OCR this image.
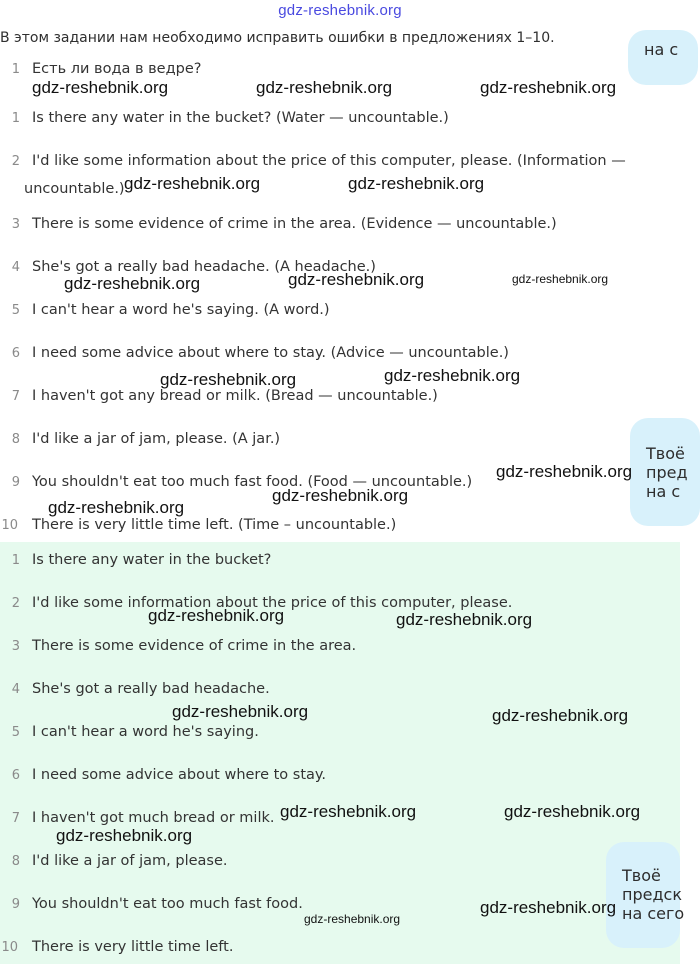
gdz-reshebnik.org
В этом задании нам необходимо исправить ошибки в предложениях 1–10.
на с
Твоё
пред
на с
1 Есть ли вода в ведре?
1 Is there any water in the bucket? (Water — uncountable.)
2 I'd like some information about the price of this computer, please. (Information —
uncountable.)
3 There is some evidence of crime in the area. (Evidence — uncountable.)
4 She's got a really bad headache. (A headache.)
5 I can't hear a word he's saying. (A word.)
6 I need some advice about where to stay. (Advice — uncountable.)
7 I haven't got any bread or milk. (Bread — uncountable.)
8 I'd like a jar of jam, please. (A jar.)
9 You shouldn't eat too much fast food. (Food — uncountable.)
10 There is very little time left. (Time – uncountable.)
Твоё
предск
на сего
1 Is there any water in the bucket?
2 I'd like some information about the price of this computer, please.
3 There is some evidence of crime in the area.
4 She's got a really bad headache.
5 I can't hear a word he's saying.
6 I need some advice about where to stay.
7 I haven't got much bread or milk.
8 I'd like a jar of jam, please.
9 You shouldn't eat too much fast food.
10 There is very little time left.
gdz-reshebnik.org	gdz-reshebnik.org	gdz-reshebnik.org
gdz-reshebnik.org	gdz-reshebnik.org
gdz-reshebnik.org	gdz-reshebnik.org	gdz-reshebnik.org
gdz-reshebnik.org	gdz-reshebnik.org
gdz-reshebnik.org
gdz-reshebnik.org
gdz-reshebnik.org
gdz-reshebnik.org	gdz-reshebnik.org
gdz-reshebnik.org	gdz-reshebnik.org
gdz-reshebnik.org	gdz-reshebnik.org
gdz-reshebnik.org
gdz-reshebnik.org
gdz-reshebnik.org
